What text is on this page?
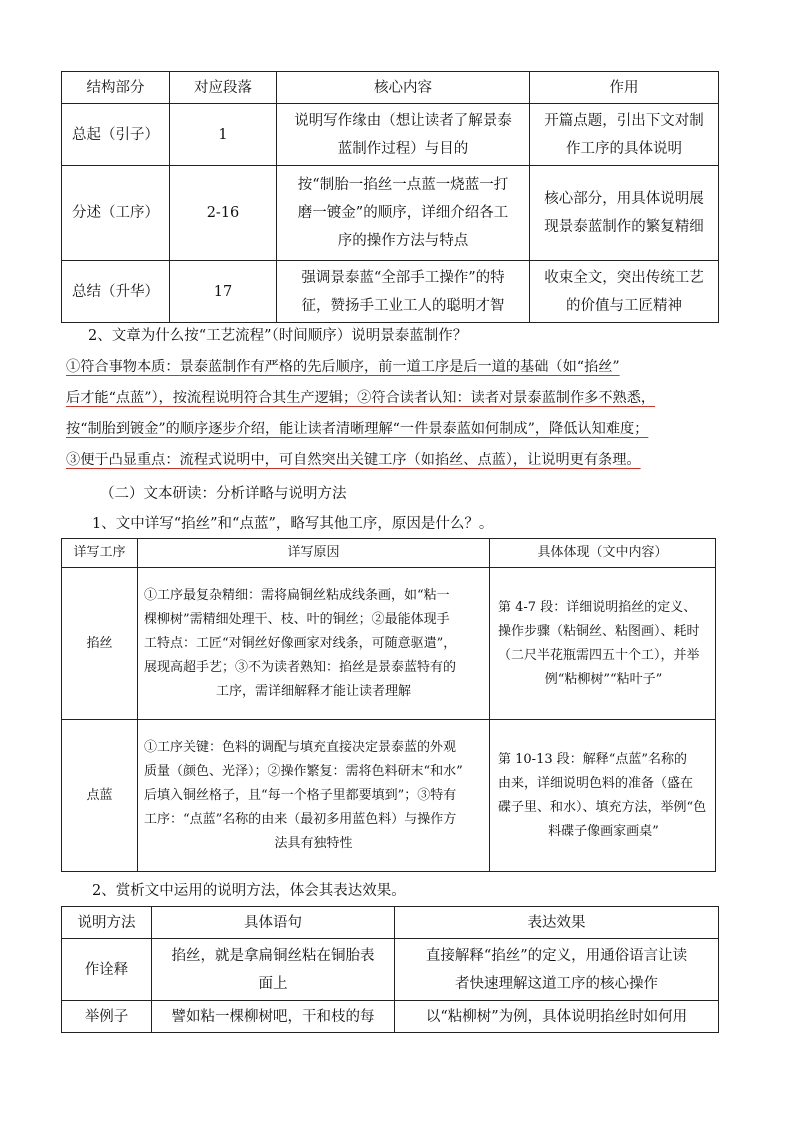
结构部分	对应段落	核心内容	作用
总起（引子）	1	说明写作缘由（想让读者了解景泰
蓝制作过程）与目的	开篇点题，引出下文对制
作工序的具体说明

分述（工序）	2-16	按“制胎一掐丝一点蓝一烧蓝一打
磨一镀金”的顺序，详细介绍各工
序的操作方法与特点	核心部分，用具体说明展
现景泰蓝制作的繁复精细

总结（升华）	17	强调景泰蓝“全部手工操作”的特
征，赞扬手工业工人的聪明才智	收束全文，突出传统工艺
的价值与工匠精神
2、文章为什么按“工艺流程”（时间顺序）说明景泰蓝制作？
①符合事物本质：景泰蓝制作有严格的先后顺序，前一道工序是后一道的基础（如“掐丝”
后才能“点蓝”），按流程说明符合其生产逻辑；②符合读者认知：读者对景泰蓝制作多不熟悉，
按“制胎到镀金”的顺序逐步介绍，能让读者清晰理解“一件景泰蓝如何制成”，降低认知难度；
③便于凸显重点：流程式说明中，可自然突出关键工序（如掐丝、点蓝），让说明更有条理。
（二）文本研读：分析详略与说明方法
1、文中详写“掐丝”和“点蓝”，略写其他工序，原因是什么？。
详写工序	详写原因	具体体现（文中内容）
掐丝	①工序最复杂精细：需将扁铜丝粘成线条画，如“粘一
棵柳树”需精细处理干、枝、叶的铜丝；②最能体现手
工特点：工匠“对铜丝好像画家对线条，可随意驱遣”，
展现高超手艺；③不为读者熟知：掐丝是景泰蓝特有的
工序，需详细解释才能让读者理解	第 4-7 段：详细说明掐丝的定义、
操作步骤（粘铜丝、粘图画）、耗时
（二尺半花瓶需四五十个工），并举
例“粘柳树”“粘叶子”

点蓝	①工序关键：色料的调配与填充直接决定景泰蓝的外观
质量（颜色、光泽）；②操作繁复：需将色料研末“和水”
后填入铜丝格子，且“每一个格子里都要填到”；③特有
工序：“点蓝”名称的由来（最初多用蓝色料）与操作方
法具有独特性	第 10-13 段：解释“点蓝”名称的
由来，详细说明色料的准备（盛在
碟子里、和水）、填充方法，举例“色
料碟子像画家画桌”
2、赏析文中运用的说明方法，体会其表达效果。
说明方法	具体语句	表达效果
作诠释	掐丝，就是拿扁铜丝粘在铜胎表
面上	直接解释“掐丝”的定义，用通俗语言让读
者快速理解这道工序的核心操作

举例子	譬如粘一棵柳树吧，干和枝的每	以“粘柳树”为例，具体说明掐丝时如何用
